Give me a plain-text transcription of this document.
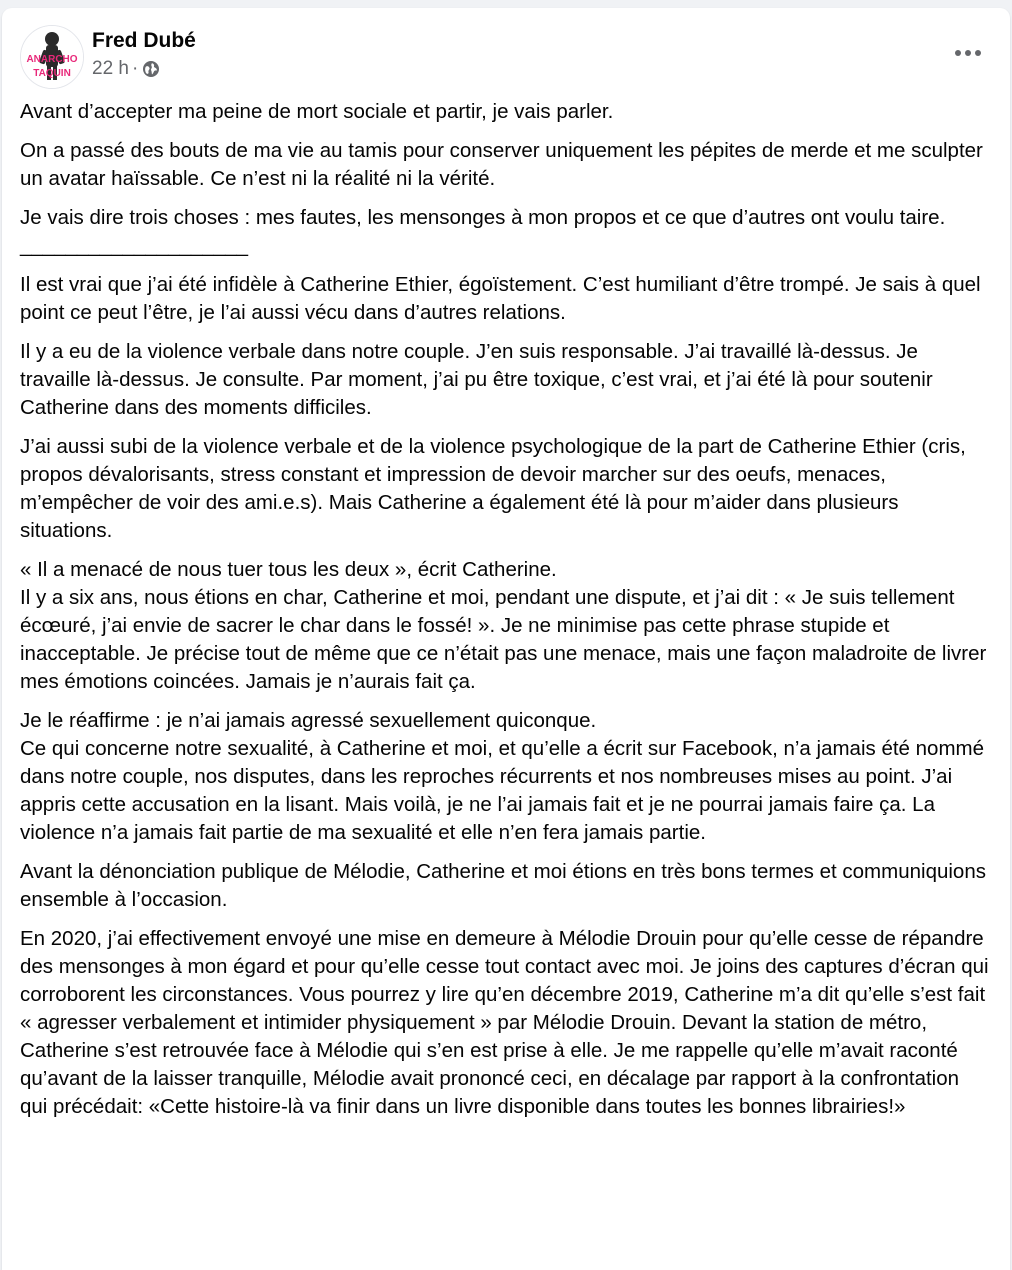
ANARCHO
TAQUIN
Fred Dubé
22 h ·

Avant d’accepter ma peine de mort sociale et partir, je vais parler.

On a passé des bouts de ma vie au tamis pour conserver uniquement les pépites de merde et me sculpter un avatar haïssable. Ce n’est ni la réalité ni la vérité.

Je vais dire trois choses : mes fautes, les mensonges à mon propos et ce que d’autres ont voulu taire.
____________________

Il est vrai que j’ai été infidèle à Catherine Ethier, égoïstement. C’est humiliant d’être trompé. Je sais à quel point ce peut l’être, je l’ai aussi vécu dans d’autres relations.

Il y a eu de la violence verbale dans notre couple. J’en suis responsable. J’ai travaillé là-dessus. Je travaille là-dessus. Je consulte. Par moment, j’ai pu être toxique, c’est vrai, et j’ai été là pour soutenir Catherine dans des moments difficiles.

J’ai aussi subi de la violence verbale et de la violence psychologique de la part de Catherine Ethier (cris, propos dévalorisants, stress constant et impression de devoir marcher sur des oeufs, menaces, m’empêcher de voir des ami.e.s). Mais Catherine a également été là pour m’aider dans plusieurs situations.

« Il a menacé de nous tuer tous les deux », écrit Catherine.
Il y a six ans, nous étions en char, Catherine et moi, pendant une dispute, et j’ai dit : « Je suis tellement écœuré, j’ai envie de sacrer le char dans le fossé! ». Je ne minimise pas cette phrase stupide et inacceptable. Je précise tout de même que ce n’était pas une menace, mais une façon maladroite de livrer mes émotions coincées. Jamais je n’aurais fait ça.

Je le réaffirme : je n’ai jamais agressé sexuellement quiconque.
Ce qui concerne notre sexualité, à Catherine et moi, et qu’elle a écrit sur Facebook, n’a jamais été nommé dans notre couple, nos disputes, dans les reproches récurrents et nos nombreuses mises au point. J’ai appris cette accusation en la lisant. Mais voilà, je ne l’ai jamais fait et je ne pourrai jamais faire ça. La violence n’a jamais fait partie de ma sexualité et elle n’en fera jamais partie.

Avant la dénonciation publique de Mélodie, Catherine et moi étions en très bons termes et communiquions ensemble à l’occasion.

En 2020, j’ai effectivement envoyé une mise en demeure à Mélodie Drouin pour qu’elle cesse de répandre des mensonges à mon égard et pour qu’elle cesse tout contact avec moi. Je joins des captures d’écran qui corroborent les circonstances. Vous pourrez y lire qu’en décembre 2019, Catherine m’a dit qu’elle s’est fait « agresser verbalement et intimider physiquement » par Mélodie Drouin. Devant la station de métro, Catherine s’est retrouvée face à Mélodie qui s’en est prise à elle. Je me rappelle qu’elle m’avait raconté qu’avant de la laisser tranquille, Mélodie avait prononcé ceci, en décalage par rapport à la confrontation qui précédait: «Cette histoire-là va finir dans un livre disponible dans toutes les bonnes librairies!»
